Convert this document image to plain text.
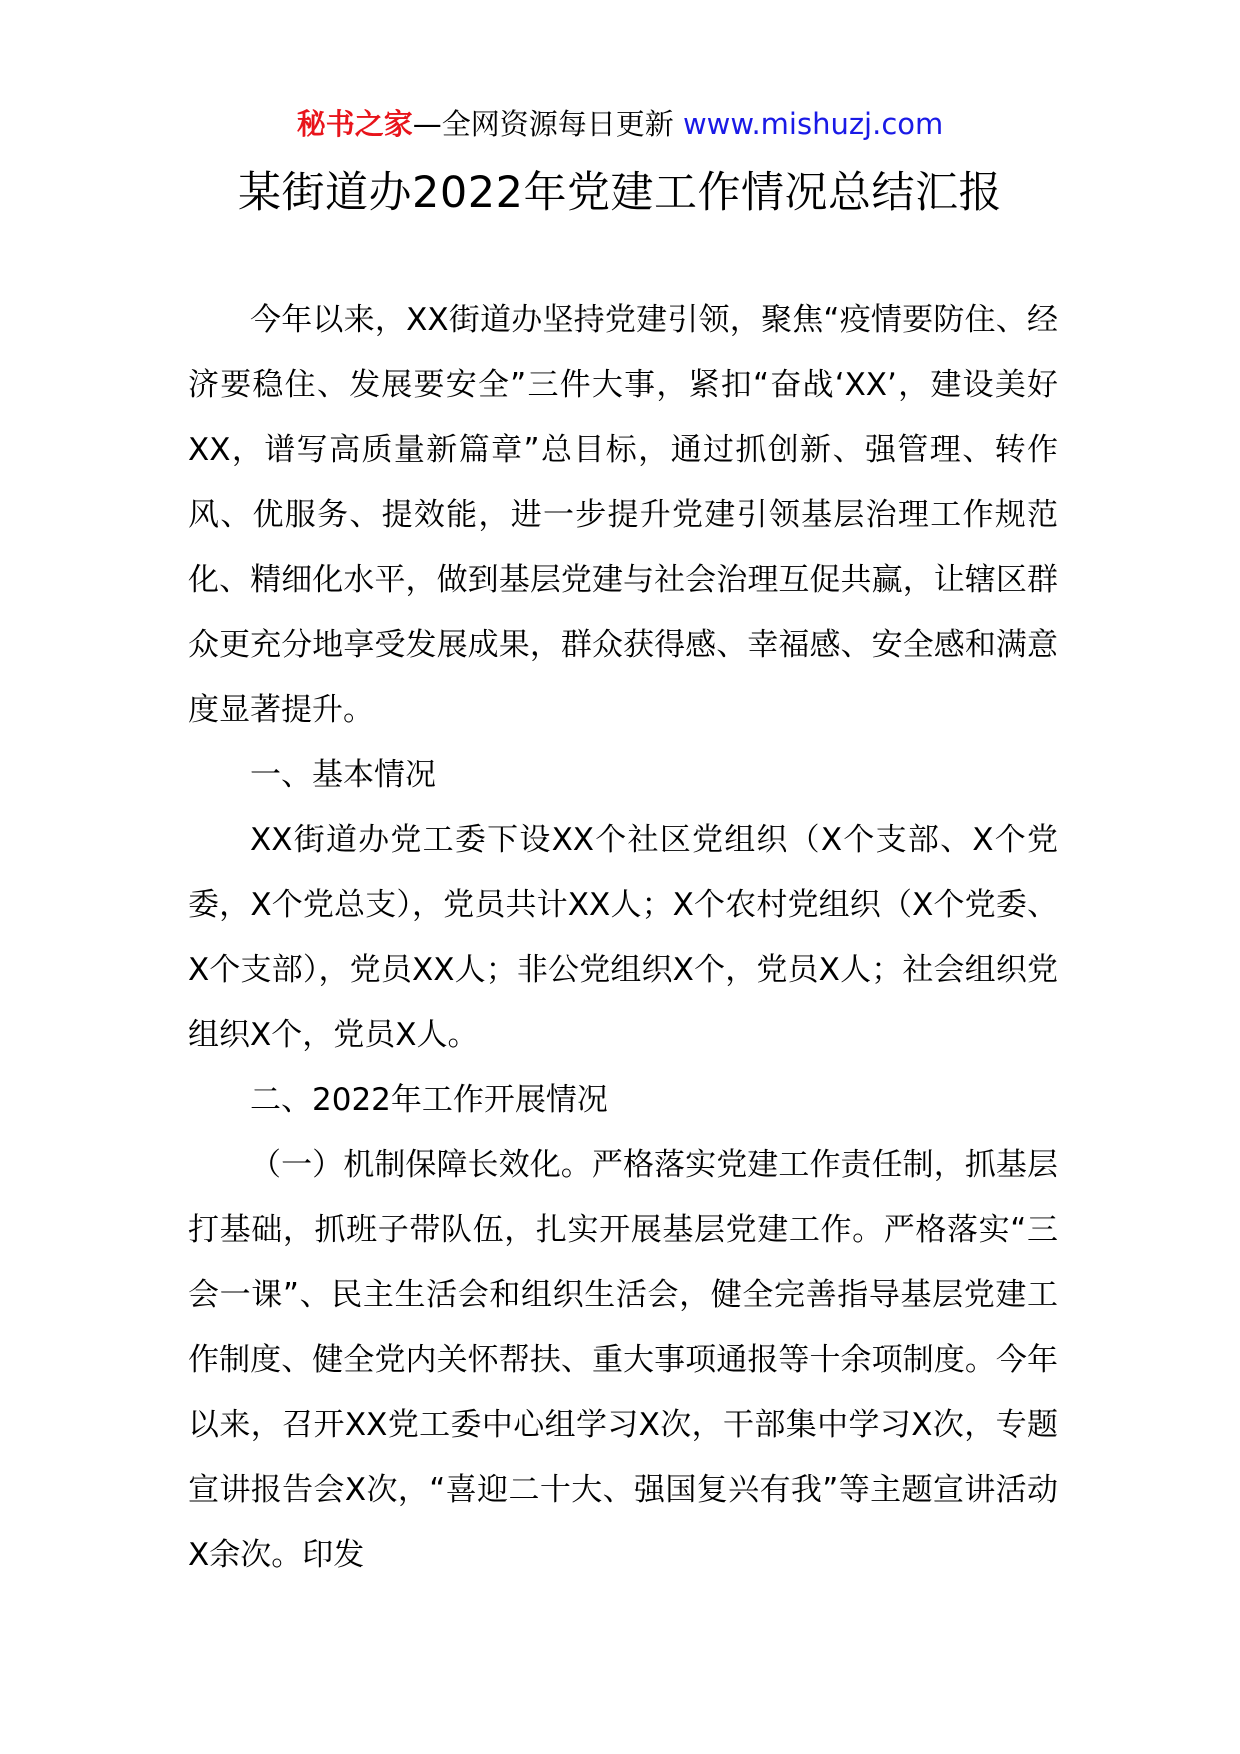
秘书之家—全网资源每日更新 www.mishuzj.com
某街道办2022年党建工作情况总结汇报

今年以来，XX街道办坚持党建引领，聚焦“疫情要防住、经济要稳住、发展要安全”三件大事，紧扣“奋战‘XX’，建设美好XX，谱写高质量新篇章”总目标，通过抓创新、强管理、转作风、优服务、提效能，进一步提升党建引领基层治理工作规范化、精细化水平，做到基层党建与社会治理互促共赢，让辖区群众更充分地享受发展成果，群众获得感、幸福感、安全感和满意度显著提升。

一、基本情况

XX街道办党工委下设XX个社区党组织（X个支部、X个党委，X个党总支），党员共计XX人；X个农村党组织（X个党委、X个支部），党员XX人；非公党组织X个，党员X人；社会组织党组织X个，党员X人。

二、2022年工作开展情况

（一）机制保障长效化。严格落实党建工作责任制，抓基层打基础，抓班子带队伍，扎实开展基层党建工作。严格落实“三会一课”、民主生活会和组织生活会，健全完善指导基层党建工作制度、健全党内关怀帮扶、重大事项通报等十余项制度。今年以来，召开XX党工委中心组学习X次，干部集中学习X次，专题宣讲报告会X次，“喜迎二十大、强国复兴有我”等主题宣讲活动X余次。印发
